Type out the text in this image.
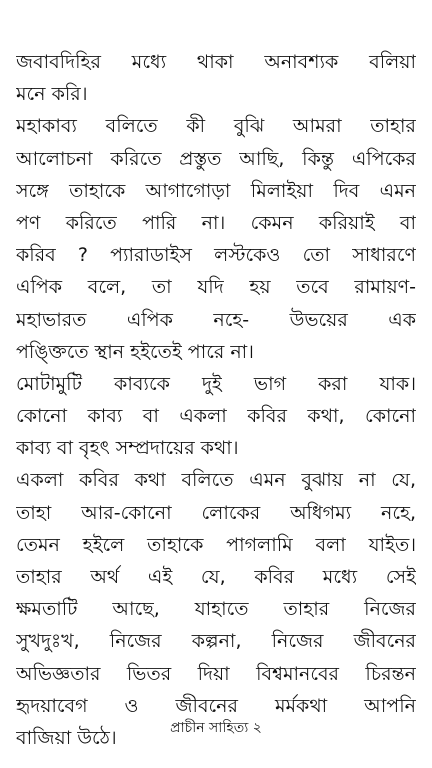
জবাবদিহির মধ্যে থাকা অনাবশ্যক বলিয়া
মনে করি।
মহাকাব্য বলিতে কী বুঝি আমরা তাহার
আলোচনা করিতে প্রস্তুত আছি, কিন্তু এপিকের
সঙ্গে তাহাকে আগাগোড়া মিলাইয়া দিব এমন
পণ করিতে পারি না। কেমন করিয়াই বা
করিব ? প্যারাডাইস লস্টকেও তো সাধারণে
এপিক বলে, তা যদি হয় তবে রামায়ণ-
মহাভারত এপিক নহে- উভয়ের এক
পঙ্ক্তিতে স্থান হইতেই পারে না।
মোটামুটি কাব্যকে দুই ভাগ করা যাক।
কোনো কাব্য বা একলা কবির কথা, কোনো
কাব্য বা বৃহৎ সম্প্রদায়ের কথা।
একলা কবির কথা বলিতে এমন বুঝায় না যে,
তাহা আর-কোনো লোকের অধিগম্য নহে,
তেমন হইলে তাহাকে পাগলামি বলা যাইত।
তাহার অর্থ এই যে, কবির মধ্যে সেই
ক্ষমতাটি আছে, যাহাতে তাহার নিজের
সুখদুঃখ, নিজের কল্পনা, নিজের জীবনের
অভিজ্ঞতার ভিতর দিয়া বিশ্বমানবের চিরন্তন
হৃদয়াবেগ ও জীবনের মর্মকথা আপনি
বাজিয়া উঠে।	প্রাচীন সাহিত্য ২
